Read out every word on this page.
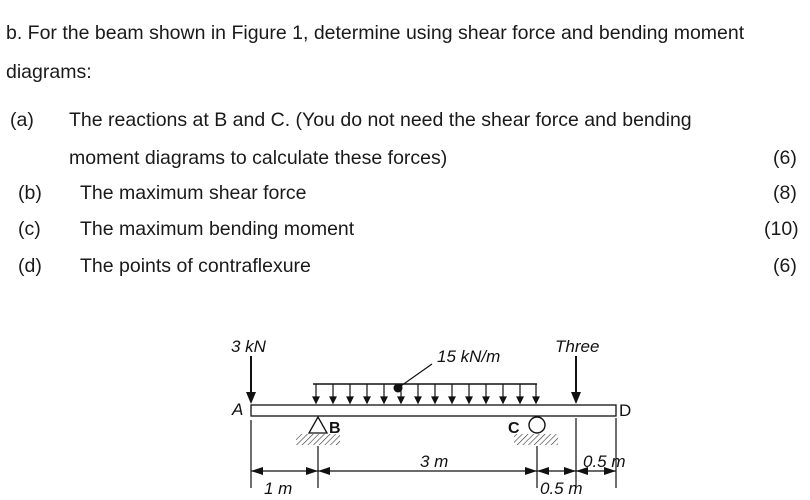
b. For the beam shown in Figure 1, determine using shear force and bending moment
diagrams:
(a) The reactions at B and C. (You do not need the shear force and bending
moment diagrams to calculate these forces)	(6)
(b) The maximum shear force	(8)
(c) The maximum bending moment	(10)
(d) The points of contraflexure	(6)
3 kN	Three
15 kN/m
A
3 m
1 m
0.5 m
0.5 m
B	C
D
